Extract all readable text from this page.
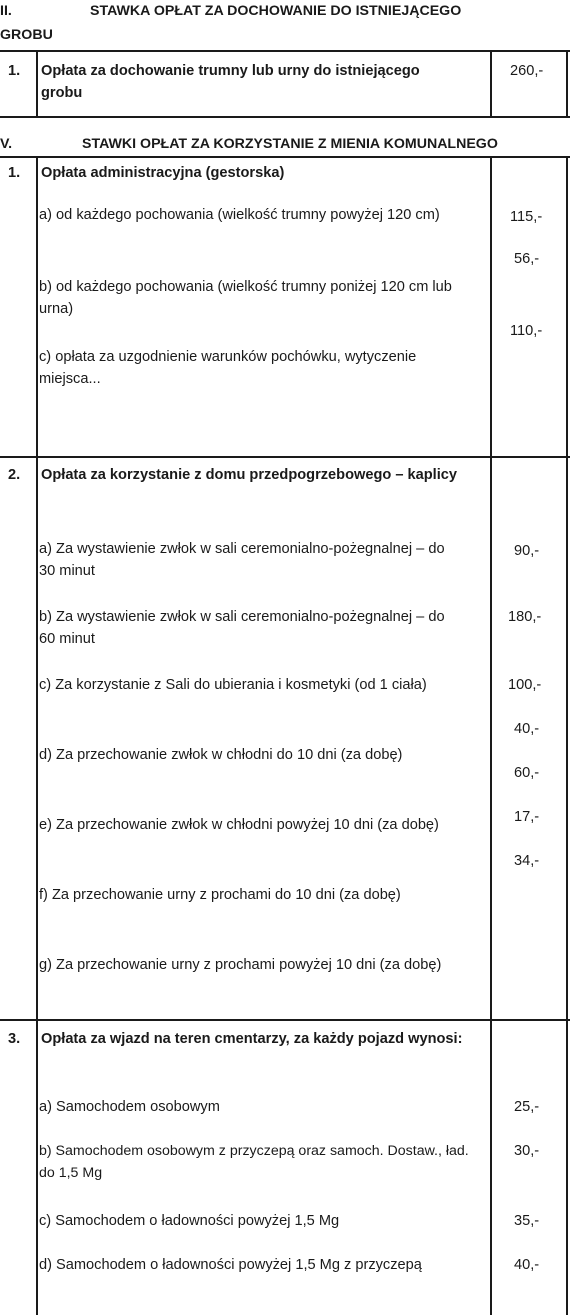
II.	STAWKA OPŁAT ZA DOCHOWANIE DO ISTNIEJĄCEGO
GROBU
1. Opłata za dochowanie trumny lub urny do istniejącego grobu
260,-
V.	STAWKI OPŁAT ZA KORZYSTANIE Z MIENIA KOMUNALNEGO
1. Opłata administracyjna (gestorska)
a) od każdego pochowania (wielkość trumny powyżej 120 cm)
b) od każdego pochowania (wielkość trumny poniżej 120 cm lub urna)
c) opłata za uzgodnienie warunków pochówku, wytyczenie miejsca...
115,-
56,-
110,-
2. Opłata za korzystanie z domu przedpogrzebowego – kaplicy
a) Za wystawienie zwłok w sali ceremonialno-pożegnalnej – do 30 minut
b) Za wystawienie zwłok w sali ceremonialno-pożegnalnej – do 60 minut
c) Za korzystanie z Sali do ubierania i kosmetyki (od 1 ciała)
d) Za przechowanie zwłok w chłodni do 10 dni (za dobę)
e) Za przechowanie zwłok w chłodni powyżej 10 dni (za dobę)
f) Za przechowanie urny z prochami do 10 dni (za dobę)
g) Za przechowanie urny z prochami powyżej 10 dni (za dobę)
90,-
180,-
100,-
40,-
60,-
17,-
34,-
3. Opłata za wjazd na teren cmentarzy, za każdy pojazd wynosi:
a) Samochodem osobowym
b) Samochodem osobowym z przyczepą oraz samoch. Dostaw., ład. do 1,5 Mg
c) Samochodem o ładowności powyżej 1,5 Mg
d) Samochodem o ładowności powyżej 1,5 Mg z przyczepą
25,-
30,-
35,-
40,-
